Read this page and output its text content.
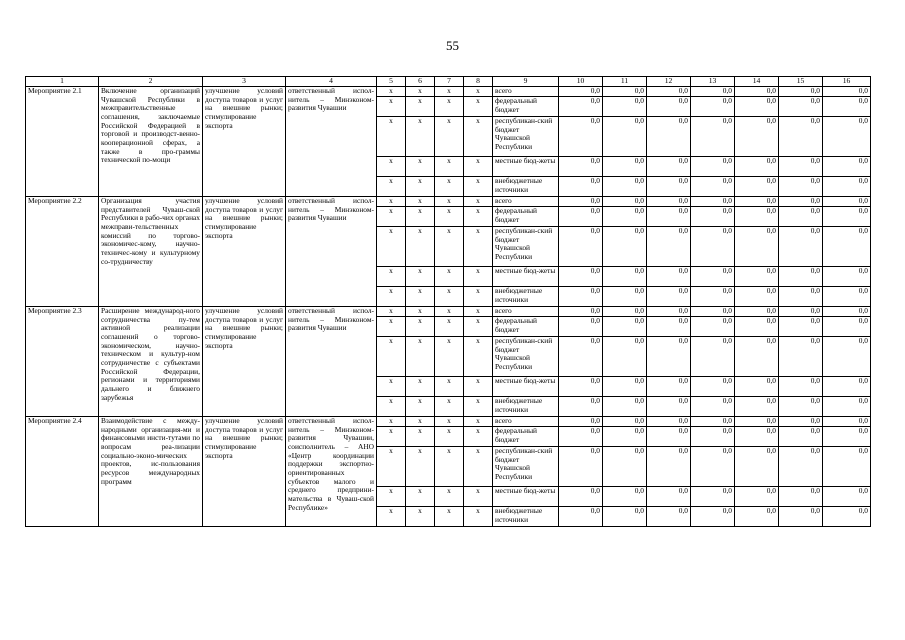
55
1	2	3	4	5	6	7	8	9	10	11	12	13	14	15	16
Мероприятие 2.1	Включение организаций Чувашской Республики в межправительственные соглашения, заключаемые Российской Федерацией в торговой и производст-венно-кооперационной сферах, а также в про-граммы технической по-мощи	улучшение условий доступа товаров и услуг на внешние рынки; стимулирование экспорта	ответственный испол-нитель – Минэконом-развития Чувашии	x	x	x	x	всего	0,0	0,0	0,0	0,0	0,0	0,0	0,0
				x	x	x	x	федеральный бюджет	0,0	0,0	0,0	0,0	0,0	0,0	0,0
				x	x	x	x	республикан-ский бюджет Чувашской Республики	0,0	0,0	0,0	0,0	0,0	0,0	0,0
				x	x	x	x	местные бюд-жеты	0,0	0,0	0,0	0,0	0,0	0,0	0,0
				x	x	x	x	внебюджетные источники	0,0	0,0	0,0	0,0	0,0	0,0	0,0
Мероприятие 2.2	Организация участия представителей Чуваш-ской Республики в рабо-чих органах межправи-тельственных комиссий по торгово-экономичес-кому, научно-техничес-кому и культурному со-трудничеству	улучшение условий доступа товаров и услуг на внешние рынки; стимулирование экспорта	ответственный испол-нитель – Минэконом-развития Чувашии	x	x	x	x	всего	0,0	0,0	0,0	0,0	0,0	0,0	0,0
				x	x	x	x	федеральный бюджет	0,0	0,0	0,0	0,0	0,0	0,0	0,0
				x	x	x	x	республикан-ский бюджет Чувашской Республики	0,0	0,0	0,0	0,0	0,0	0,0	0,0
				x	x	x	x	местные бюд-жеты	0,0	0,0	0,0	0,0	0,0	0,0	0,0
				x	x	x	x	внебюджетные источники	0,0	0,0	0,0	0,0	0,0	0,0	0,0
Мероприятие 2.3	Расширение международ-ного сотрудничества пу-тем активной реализации соглашений о торгово-экономическом, научно-техническом и культур-ном сотрудничестве с субъектами Российской Федерации, регионами и территориями дальнего и ближнего зарубежья	улучшение условий доступа товаров и услуг на внешние рынки; стимулирование экспорта	ответственный испол-нитель – Минэконом-развития Чувашии	x	x	x	x	всего	0,0	0,0	0,0	0,0	0,0	0,0	0,0
				x	x	x	x	федеральный бюджет	0,0	0,0	0,0	0,0	0,0	0,0	0,0
				x	x	x	x	республикан-ский бюджет Чувашской Республики	0,0	0,0	0,0	0,0	0,0	0,0	0,0
				x	x	x	x	местные бюд-жеты	0,0	0,0	0,0	0,0	0,0	0,0	0,0
				x	x	x	x	внебюджетные источники	0,0	0,0	0,0	0,0	0,0	0,0	0,0
Мероприятие 2.4	Взаимодействие с между-народными организация-ми и финансовыми инсти-тутами по вопросам реа-лизации социально-эконо-мических проектов, ис-пользования ресурсов международных программ	улучшение условий доступа товаров и услуг на внешние рынки; стимулирование экспорта	ответственный испол-нитель – Минэконом-развития Чувашии, соисполнитель – АНО «Центр координации поддержки экспортно-ориентированных субъектов малого и среднего предприни-мательства в Чуваш-ской Республике»	x	x	x	x	всего	0,0	0,0	0,0	0,0	0,0	0,0	0,0
				x	x	x	x	федеральный бюджет	0,0	0,0	0,0	0,0	0,0	0,0	0,0
				x	x	x	x	республикан-ский бюджет Чувашской Республики	0,0	0,0	0,0	0,0	0,0	0,0	0,0
				x	x	x	x	местные бюд-жеты	0,0	0,0	0,0	0,0	0,0	0,0	0,0
				x	x	x	x	внебюджетные источники	0,0	0,0	0,0	0,0	0,0	0,0	0,0
